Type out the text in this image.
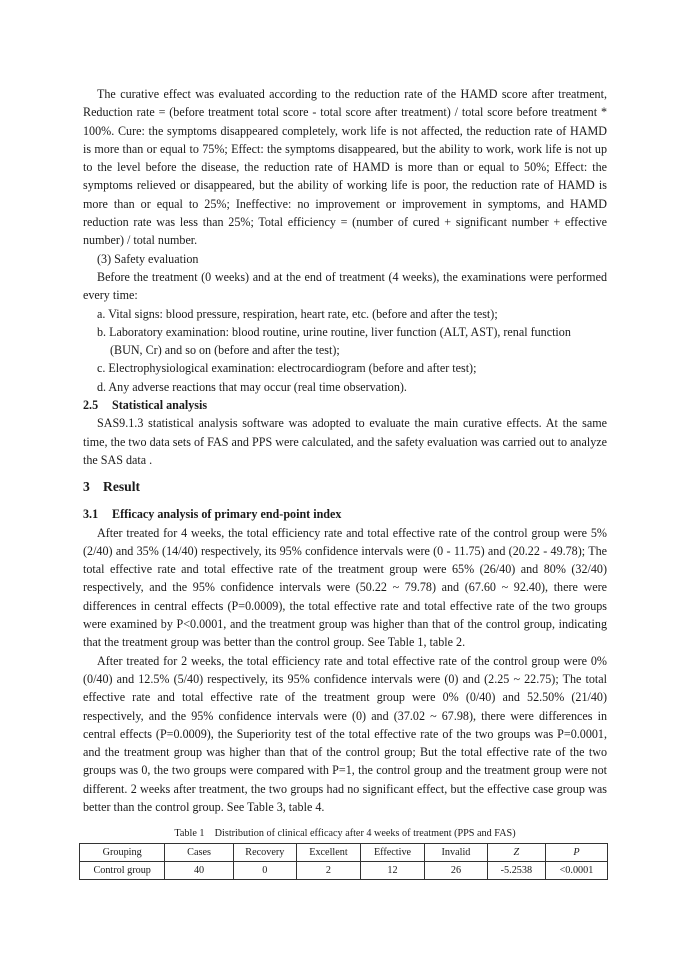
The curative effect was evaluated according to the reduction rate of the HAMD score after treatment, Reduction rate = (before treatment total score - total score after treatment) / total score before treatment * 100%. Cure: the symptoms disappeared completely, work life is not affected, the reduction rate of HAMD is more than or equal to 75%; Effect: the symptoms disappeared, but the ability to work, work life is not up to the level before the disease, the reduction rate of HAMD is more than or equal to 50%; Effect: the symptoms relieved or disappeared, but the ability of working life is poor, the reduction rate of HAMD is more than or equal to 25%; Ineffective: no improvement or improvement in symptoms, and HAMD reduction rate was less than 25%; Total efficiency = (number of cured + significant number + effective number) / total number.

(3) Safety evaluation

Before the treatment (0 weeks) and at the end of treatment (4 weeks), the examinations were performed every time:

a. Vital signs: blood pressure, respiration, heart rate, etc. (before and after the test);

b. Laboratory examination: blood routine, urine routine, liver function (ALT, AST), renal function

(BUN, Cr) and so on (before and after the test);

c. Electrophysiological examination: electrocardiogram (before and after test);

d. Any adverse reactions that may occur (real time observation).

2.5 Statistical analysis

SAS9.1.3 statistical analysis software was adopted to evaluate the main curative effects. At the same time, the two data sets of FAS and PPS were calculated, and the safety evaluation was carried out to analyze the SAS data .

3 Result
3.1 Efficacy analysis of primary end-point index

After treated for 4 weeks, the total efficiency rate and total effective rate of the control group were 5% (2/40) and 35% (14/40) respectively, its 95% confidence intervals were (0 - 11.75) and (20.22 - 49.78); The total effective rate and total effective rate of the treatment group were 65% (26/40) and 80% (32/40) respectively, and the 95% confidence intervals were (50.22 ~ 79.78) and (67.60 ~ 92.40), there were differences in central effects (P=0.0009), the total effective rate and total effective rate of the two groups were examined by P<0.0001, and the treatment group was higher than that of the control group, indicating that the treatment group was better than the control group. See Table 1, table 2.

After treated for 2 weeks, the total efficiency rate and total effective rate of the control group were 0% (0/40) and 12.5% (5/40) respectively, its 95% confidence intervals were (0) and (2.25 ~ 22.75); The total effective rate and total effective rate of the treatment group were 0% (0/40) and 52.50% (21/40) respectively, and the 95% confidence intervals were (0) and (37.02 ~ 67.98), there were differences in central effects (P=0.0009), the Superiority test of the total effective rate of the two groups was P=0.0001, and the treatment group was higher than that of the control group; But the total effective rate of the two groups was 0, the two groups were compared with P=1, the control group and the treatment group were not different. 2 weeks after treatment, the two groups had no significant effect, but the effective case group was better than the control group. See Table 3, table 4.

Table 1    Distribution of clinical efficacy after 4 weeks of treatment (PPS and FAS)
Grouping	Cases	Recovery	Excellent	Effective	Invalid	Z	P
Control group	40	0	2	12	26	-5.2538	<0.0001
